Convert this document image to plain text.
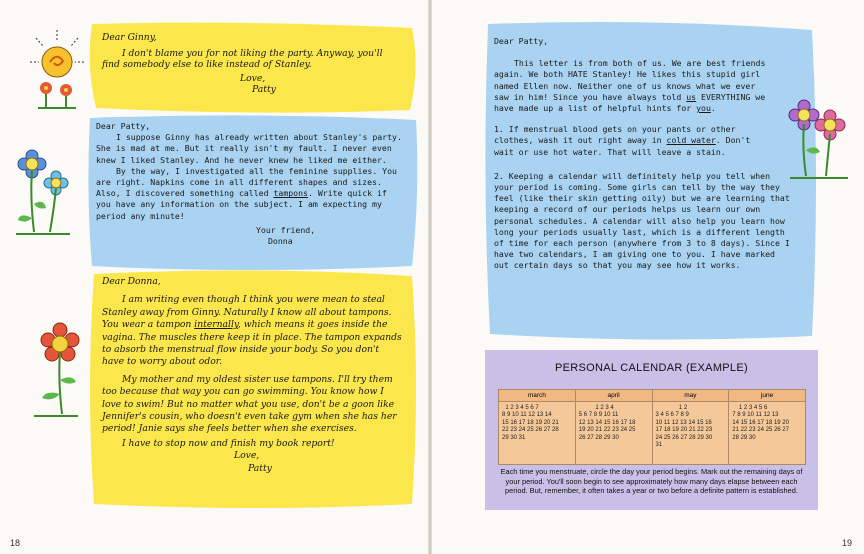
Dear Ginny,

I don't blame you for not liking the party. Anyway, you'll find somebody else to like instead of Stanley.

Love,

Patty

Dear Patty,

I suppose Ginny has already written about Stanley's party. She is mad at me. But it really isn't my fault. I never even knew I liked Stanley. And he never knew he liked me either.

By the way, I investigated all the feminine supplies. You are right. Napkins come in all different shapes and sizes. Also, I discovered something called tampons. Write quick if you have any information on the subject. I am expecting my period any minute!

Your friend,

Donna

Dear Donna,

I am writing even though I think you were mean to steal Stanley away from Ginny. Naturally I know all about tampons. You wear a tampon internally, which means it goes inside the vagina. The muscles there keep it in place. The tampon expands to absorb the menstrual flow inside your body. So you don't have to worry about odor.

My mother and my oldest sister use tampons. I'll try them too because that way you can go swimming. You know how I love to swim! But no matter what you use, don't be a goon like Jennifer's cousin, who doesn't even take gym when she has her period! Janie says she feels better when she exercises.

I have to stop now and finish my book report!

Love,

Patty

Dear Patty,

This letter is from both of us. We are best friends again. We both HATE Stanley! He likes this stupid girl named Ellen now. Neither one of us knows what we ever saw in him! Since you have always told us EVERYTHING we have made up a list of helpful hints for you.

1. If menstrual blood gets on your pants or other clothes, wash it out right away in cold water. Don't wait or use hot water. That will leave a stain.

2. Keeping a calendar will definitely help you tell when your period is coming. Some girls can tell by the way they feel (like their skin getting oily) but we are learning that keeping a record of our periods helps us learn our own personal schedules. A calendar will also help you learn how long your periods usually last, which is a different length of time for each person (anywhere from 3 to 8 days). Since I have two calendars, I am giving one to you. I have marked out certain days so that you may see how it works.

PERSONAL CALENDAR (EXAMPLE)
march
1 2 3 4 5 6 7
8 9 10 11 12 13 14
15 16 17 18 19 20 21
22 23 24 25 26 27 28
29 30 31
april
1 2 3 4
5 6 7 8 9 10 11
12 13 14 15 16 17 18
19 20 21 22 23 24 25
26 27 28 29 30
may
1 2
3 4 5 6 7 8 9
10 11 12 13 14 15 16
17 18 19 20 21 22 23
24 25 26 27 28 29 30
31
june
1 2 3 4 5 6
7 8 9 10 11 12 13
14 15 16 17 18 19 20
21 22 23 24 25 26 27
28 29 30
Each time you menstruate, circle the day your period begins. Mark out the remaining days of your period. You'll soon begin to see approximately how many days elapse between each period. But, remember, it often takes a year or two before a definite pattern is established.
18	19
